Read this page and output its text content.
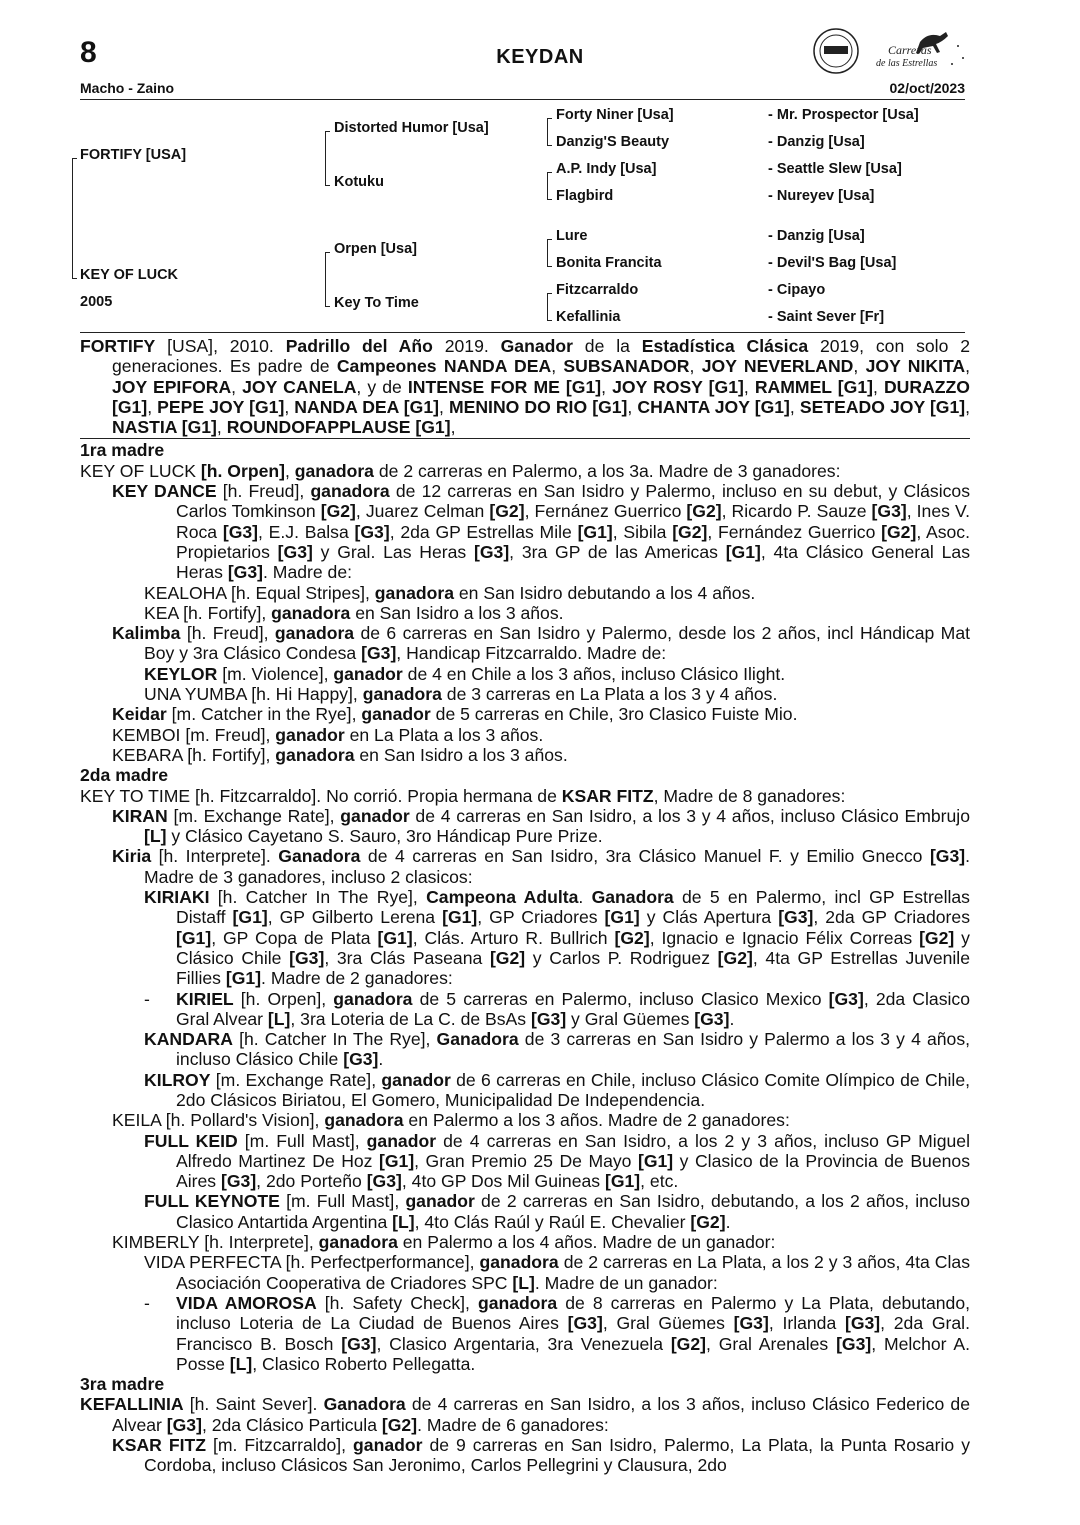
8	KEYDAN
Macho - Zaino	02/oct/2023
Carreras
de las Estrellas
FORTIFY [USA]
KEY OF LUCK
2005
Distorted Humor [Usa]
Kotuku
Orpen [Usa]
Key To Time
Forty Niner [Usa]
Danzig'S Beauty
A.P. Indy [Usa]
Flagbird
Lure
Bonita Francita
Fitzcarraldo
Kefallinia
- Mr. Prospector [Usa]
- Danzig [Usa]
- Seattle Slew [Usa]
- Nureyev [Usa]
- Danzig [Usa]
- Devil'S Bag [Usa]
- Cipayo
- Saint Sever [Fr]

FORTIFY [USA], 2010. Padrillo del Año 2019. Ganador de la Estadística Clásica 2019, con solo 2 generaciones. Es padre de Campeones NANDA DEA, SUBSANADOR, JOY NEVERLAND, JOY NIKITA, JOY EPIFORA, JOY CANELA, y de INTENSE FOR ME [G1], JOY ROSY [G1], RAMMEL [G1], DURAZZO [G1], PEPE JOY [G1], NANDA DEA [G1], MENINO DO RIO [G1], CHANTA JOY [G1], SETEADO JOY [G1], NASTIA [G1], ROUNDOFAPPLAUSE [G1],

1ra madre

KEY OF LUCK [h. Orpen], ganadora de 2 carreras en Palermo, a los 3a. Madre de 3 ganadores:

KEY DANCE [h. Freud], ganadora de 12 carreras en San Isidro y Palermo, incluso en su debut, y Clásicos Carlos Tomkinson [G2], Juarez Celman [G2], Fernánez Guerrico [G2], Ricardo P. Sauze [G3], Ines V. Roca [G3], E.J. Balsa [G3], 2da GP Estrellas Mile [G1], Sibila [G2], Fernández Guerrico [G2], Asoc. Propietarios [G3] y Gral. Las Heras [G3], 3ra GP de las Americas [G1], 4ta Clásico General Las Heras [G3]. Madre de:

KEALOHA [h. Equal Stripes], ganadora en San Isidro debutando a los 4 años.

KEA [h. Fortify], ganadora en San Isidro a los 3 años.

Kalimba [h. Freud], ganadora de 6 carreras en San Isidro y Palermo, desde los 2 años, incl Hándicap Mat Boy y 3ra Clásico Condesa [G3], Handicap Fitzcarraldo. Madre de:

KEYLOR [m. Violence], ganador de 4 en Chile a los 3 años, incluso Clásico Ilight.

UNA YUMBA [h. Hi Happy], ganadora de 3 carreras en La Plata a los 3 y 4 años.

Keidar [m. Catcher in the Rye], ganador de 5 carreras en Chile, 3ro Clasico Fuiste Mio.

KEMBOI [m. Freud], ganador en La Plata a los 3 años.

KEBARA [h. Fortify], ganadora en San Isidro a los 3 años.

2da madre

KEY TO TIME [h. Fitzcarraldo]. No corrió. Propia hermana de KSAR FITZ, Madre de 8 ganadores:

KIRAN [m. Exchange Rate], ganador de 4 carreras en San Isidro, a los 3 y 4 años, incluso Clásico Embrujo [L] y Clásico Cayetano S. Sauro, 3ro Hándicap Pure Prize.

Kiria [h. Interprete]. Ganadora de 4 carreras en San Isidro, 3ra Clásico Manuel F. y Emilio Gnecco [G3]. Madre de 3 ganadores, incluso 2 clasicos:

KIRIAKI [h. Catcher In The Rye], Campeona Adulta. Ganadora de 5 en Palermo, incl GP Estrellas Distaff [G1], GP Gilberto Lerena [G1], GP Criadores [G1] y Clás Apertura [G3], 2da GP Criadores [G1], GP Copa de Plata [G1], Clás. Arturo R. Bullrich [G2], Ignacio e Ignacio Félix Correas [G2] y Clásico Chile [G3], 3ra Clás Paseana [G2] y Carlos P. Rodriguez [G2], 4ta GP Estrellas Juvenile Fillies [G1]. Madre de 2 ganadores:

- KIRIEL [h. Orpen], ganadora de 5 carreras en Palermo, incluso Clasico Mexico [G3], 2da Clasico Gral Alvear [L], 3ra Loteria de La C. de BsAs [G3] y Gral Güemes [G3].

KANDARA [h. Catcher In The Rye], Ganadora de 3 carreras en San Isidro y Palermo a los 3 y 4 años, incluso Clásico Chile [G3].

KILROY [m. Exchange Rate], ganador de 6 carreras en Chile, incluso Clásico Comite Olímpico de Chile, 2do Clásicos Biriatou, El Gomero, Municipalidad De Independencia.

KEILA [h. Pollard's Vision], ganadora en Palermo a los 3 años. Madre de 2 ganadores:

FULL KEID [m. Full Mast], ganador de 4 carreras en San Isidro, a los 2 y 3 años, incluso GP Miguel Alfredo Martinez De Hoz [G1], Gran Premio 25 De Mayo [G1] y Clasico de la Provincia de Buenos Aires [G3], 2do Porteño [G3], 4to GP Dos Mil Guineas [G1], etc.

FULL KEYNOTE [m. Full Mast], ganador de 2 carreras en San Isidro, debutando, a los 2 años, incluso Clasico Antartida Argentina [L], 4to Clás Raúl y Raúl E. Chevalier [G2].

KIMBERLY [h. Interprete], ganadora en Palermo a los 4 años. Madre de un ganador:

VIDA PERFECTA [h. Perfectperformance], ganadora de 2 carreras en La Plata, a los 2 y 3 años, 4ta Clas Asociación Cooperativa de Criadores SPC [L]. Madre de un ganador:

- VIDA AMOROSA [h. Safety Check], ganadora de 8 carreras en Palermo y La Plata, debutando, incluso Loteria de La Ciudad de Buenos Aires [G3], Gral Güemes [G3], Irlanda [G3], 2da Gral. Francisco B. Bosch [G3], Clasico Argentaria, 3ra Venezuela [G2], Gral Arenales [G3], Melchor A. Posse [L], Clasico Roberto Pellegatta.

3ra madre

KEFALLINIA [h. Saint Sever]. Ganadora de 4 carreras en San Isidro, a los 3 años, incluso Clásico Federico de Alvear [G3], 2da Clásico Particula [G2]. Madre de 6 ganadores:

KSAR FITZ [m. Fitzcarraldo], ganador de 9 carreras en San Isidro, Palermo, La Plata, la Punta Rosario y Cordoba, incluso Clásicos San Jeronimo, Carlos Pellegrini y Clausura, 2do
